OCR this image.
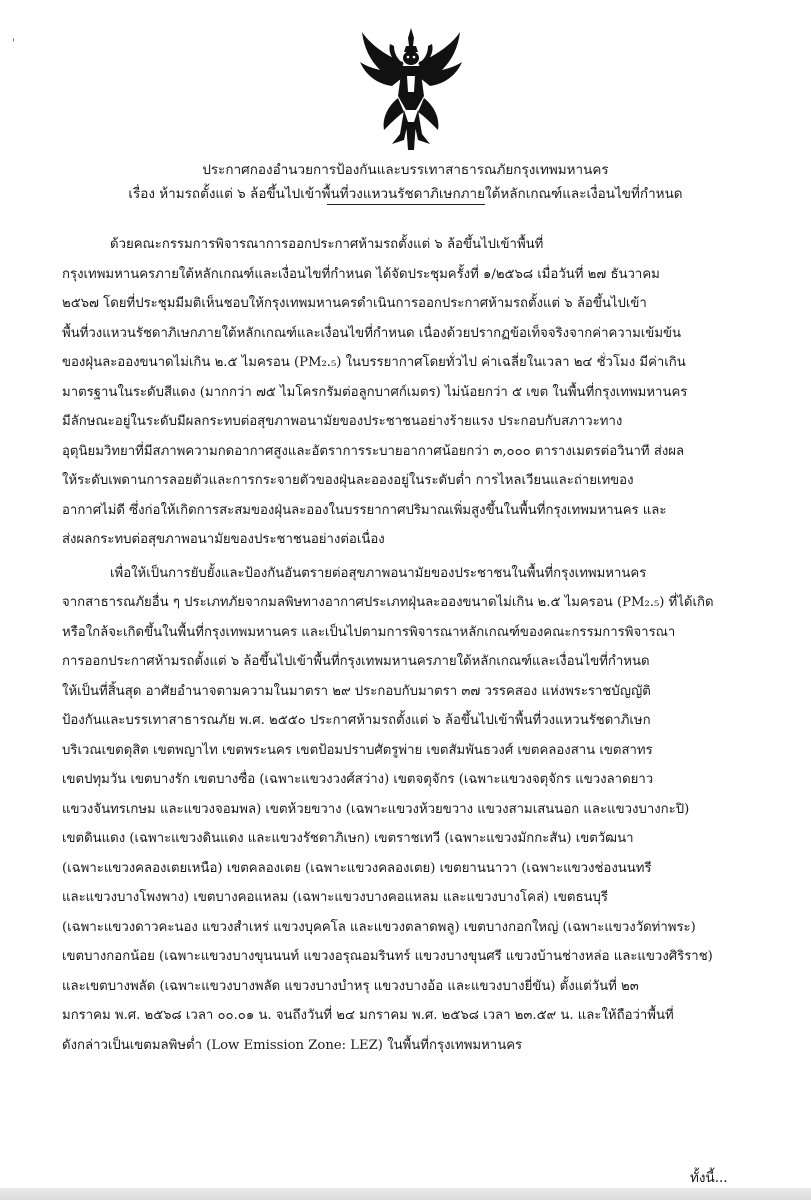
'
ประกาศกองอำนวยการป้องกันและบรรเทาสาธารณภัยกรุงเทพมหานคร
เรื่อง ห้ามรถตั้งแต่ ๖ ล้อขึ้นไปเข้าพื้นที่วงแหวนรัชดาภิเษกภายใต้หลักเกณฑ์และเงื่อนไขที่กำหนด
ด้วยคณะกรรมการพิจารณาการออกประกาศห้ามรถตั้งแต่ ๖ ล้อขึ้นไปเข้าพื้นที่
กรุงเทพมหานครภายใต้หลักเกณฑ์และเงื่อนไขที่กำหนด ได้จัดประชุมครั้งที่ ๑/๒๕๖๘ เมื่อวันที่ ๒๗ ธันวาคม
๒๕๖๗ โดยที่ประชุมมีมติเห็นชอบให้กรุงเทพมหานครดำเนินการออกประกาศห้ามรถตั้งแต่ ๖ ล้อขึ้นไปเข้า
พื้นที่วงแหวนรัชดาภิเษกภายใต้หลักเกณฑ์และเงื่อนไขที่กำหนด เนื่องด้วยปรากฏข้อเท็จจริงจากค่าความเข้มข้น
ของฝุ่นละอองขนาดไม่เกิน ๒.๕ ไมครอน (PM₂.₅) ในบรรยากาศโดยทั่วไป ค่าเฉลี่ยในเวลา ๒๔ ชั่วโมง มีค่าเกิน
มาตรฐานในระดับสีแดง (มากกว่า ๗๕ ไมโครกรัมต่อลูกบาศก์เมตร) ไม่น้อยกว่า ๕ เขต ในพื้นที่กรุงเทพมหานคร
มีลักษณะอยู่ในระดับมีผลกระทบต่อสุขภาพอนามัยของประชาชนอย่างร้ายแรง ประกอบกับสภาวะทาง
อุตุนิยมวิทยาที่มีสภาพความกดอากาศสูงและอัตราการระบายอากาศน้อยกว่า ๓,๐๐๐ ตารางเมตรต่อวินาที ส่งผล
ให้ระดับเพดานการลอยตัวและการกระจายตัวของฝุ่นละอองอยู่ในระดับต่ำ การไหลเวียนและถ่ายเทของ
อากาศไม่ดี ซึ่งก่อให้เกิดการสะสมของฝุ่นละอองในบรรยากาศปริมาณเพิ่มสูงขึ้นในพื้นที่กรุงเทพมหานคร และ
ส่งผลกระทบต่อสุขภาพอนามัยของประชาชนอย่างต่อเนื่อง
เพื่อให้เป็นการยับยั้งและป้องกันอันตรายต่อสุขภาพอนามัยของประชาชนในพื้นที่กรุงเทพมหานคร
จากสาธารณภัยอื่น ๆ ประเภทภัยจากมลพิษทางอากาศประเภทฝุ่นละอองขนาดไม่เกิน ๒.๕ ไมครอน (PM₂.₅) ที่ได้เกิด
หรือใกล้จะเกิดขึ้นในพื้นที่กรุงเทพมหานคร และเป็นไปตามการพิจารณาหลักเกณฑ์ของคณะกรรมการพิจารณา
การออกประกาศห้ามรถตั้งแต่ ๖ ล้อขึ้นไปเข้าพื้นที่กรุงเทพมหานครภายใต้หลักเกณฑ์และเงื่อนไขที่กำหนด
ให้เป็นที่สิ้นสุด อาศัยอำนาจตามความในมาตรา ๒๙ ประกอบกับมาตรา ๓๗ วรรคสอง แห่งพระราชบัญญัติ
ป้องกันและบรรเทาสาธารณภัย พ.ศ. ๒๕๕๐ ประกาศห้ามรถตั้งแต่ ๖ ล้อขึ้นไปเข้าพื้นที่วงแหวนรัชดาภิเษก
บริเวณเขตดุสิต เขตพญาไท เขตพระนคร เขตป้อมปราบศัตรูพ่าย เขตสัมพันธวงศ์ เขตคลองสาน เขตสาทร
เขตปทุมวัน เขตบางรัก เขตบางซื่อ (เฉพาะแขวงวงศ์สว่าง) เขตจตุจักร (เฉพาะแขวงจตุจักร แขวงลาดยาว
แขวงจันทรเกษม และแขวงจอมพล) เขตห้วยขวาง (เฉพาะแขวงห้วยขวาง แขวงสามเสนนอก และแขวงบางกะปิ)
เขตดินแดง (เฉพาะแขวงดินแดง และแขวงรัชดาภิเษก) เขตราชเทวี (เฉพาะแขวงมักกะสัน) เขตวัฒนา
(เฉพาะแขวงคลองเตยเหนือ) เขตคลองเตย (เฉพาะแขวงคลองเตย) เขตยานนาวา (เฉพาะแขวงช่องนนทรี
และแขวงบางโพงพาง) เขตบางคอแหลม (เฉพาะแขวงบางคอแหลม และแขวงบางโคล่) เขตธนบุรี
(เฉพาะแขวงดาวคะนอง แขวงสำเหร่ แขวงบุคคโล และแขวงตลาดพลู) เขตบางกอกใหญ่ (เฉพาะแขวงวัดท่าพระ)
เขตบางกอกน้อย (เฉพาะแขวงบางขุนนนท์ แขวงอรุณอมรินทร์ แขวงบางขุนศรี แขวงบ้านช่างหล่อ และแขวงศิริราช)
และเขตบางพลัด (เฉพาะแขวงบางพลัด แขวงบางบำหรุ แขวงบางอ้อ และแขวงบางยี่ขัน) ตั้งแต่วันที่ ๒๓
มกราคม พ.ศ. ๒๕๖๘ เวลา ๐๐.๐๑ น. จนถึงวันที่ ๒๔ มกราคม พ.ศ. ๒๕๖๘ เวลา ๒๓.๕๙ น. และให้ถือว่าพื้นที่
ดังกล่าวเป็นเขตมลพิษต่ำ (Low Emission Zone: LEZ) ในพื้นที่กรุงเทพมหานคร
ทั้งนี้...
